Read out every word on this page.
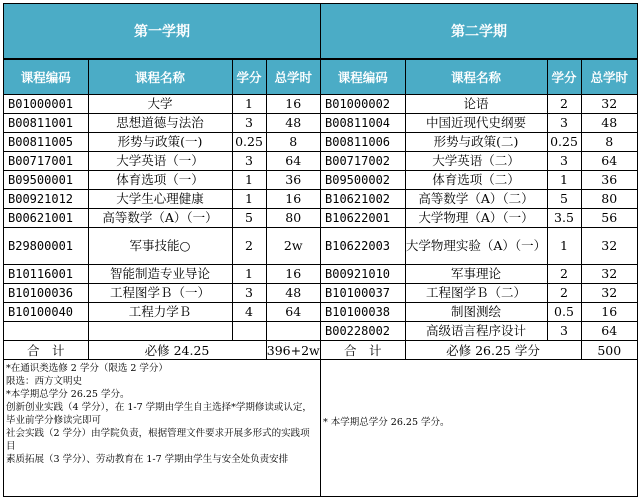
第一学期
课程编码	课程名称	学分	总学时
B01000001	大学	1	16
B00811001	思想道德与法治	3	48
B00811005	形势与政策(一)	0.25	8
B00717001	大学英语（一）	3	64
B09500001	体育选项（一）	1	36
B00921012	大学生心理健康	1	16
B00621001	高等数学（A）（一）	5	80
B29800001	军事技能○	2	2w
B10116001	智能制造专业导论	1	16
B10100036	工程图学Ｂ（一）	3	48
B10100040	工程力学Ｂ	4	64

合　计	必修 24.25		396+2w
*在通识类选修 2 学分（限选 2 学分）
限选：西方文明史
*本学期总学分 26.25 学分。
创新创业实践（4 学分），在 1-7 学期由学生自主选择*学期修读或认定，毕业前学分修读完即可
社会实践（2 学分）由学院负责，根据管理文件要求开展多形式的实践项目
素质拓展（3 学分）、劳动教育在 1-7 学期由学生与安全处负责安排
第二学期
课程编码	课程名称	学分	总学时
B01000002	论语	2	32
B00811004	中国近现代史纲要	3	48
B00811006	形势与政策(二)	0.25	8
B00717002	大学英语（二）	3	64
B09500002	体育选项（二）	1	36
B10621002	高等数学（A）（二）	5	80
B10622001	大学物理（A）（一）	3.5	56
B10622003	大学物理实验（A）（一）	1	32
B00921010	军事理论	2	32
B10100037	工程图学Ｂ（二）	2	32
B10100038	制图测绘	0.5	16
B00228002	高级语言程序设计	3	64
合　计	必修 26.25 学分		500
* 本学期总学分 26.25 学分。
